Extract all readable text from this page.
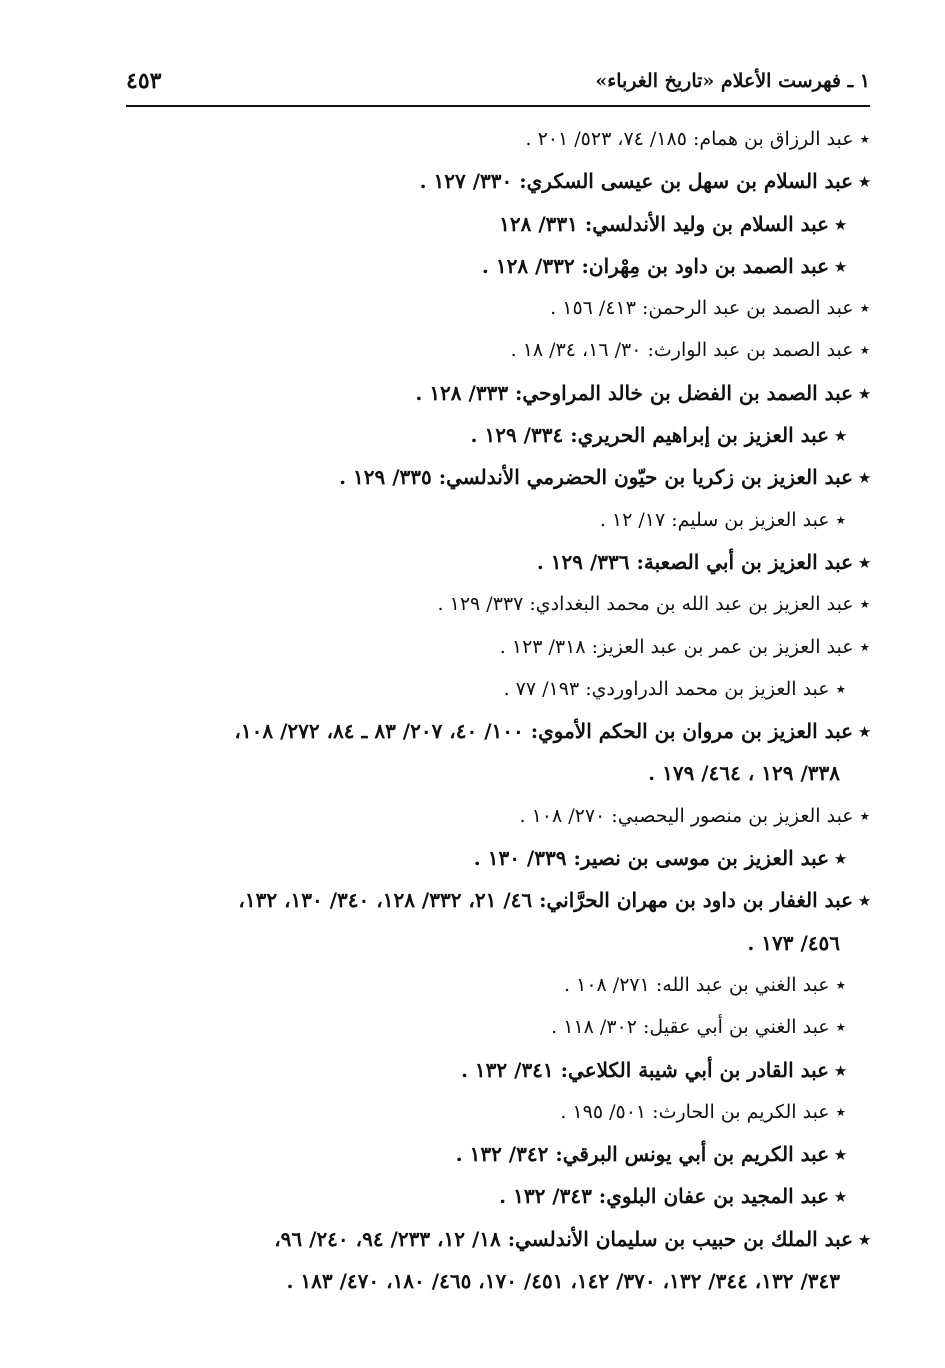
١ ـ فهرست الأعلام «تاريخ الغرباء»
٤٥٣
٭عبد الرزاق بن همام: ١٨٥/ ٧٤، ٥٢٣/ ٢٠١ .
٭عبد السلام بن سهل بن عيسى السكري: ٣٣٠/ ١٢٧ .
٭عبد السلام بن وليد الأندلسي: ٣٣١/ ١٢٨
٭عبد الصمد بن داود بن مِهْران: ٣٣٢/ ١٢٨ .
٭عبد الصمد بن عبد الرحمن: ٤١٣/ ١٥٦ .
٭عبد الصمد بن عبد الوارث: ٣٠/ ١٦، ٣٤/ ١٨ .
٭عبد الصمد بن الفضل بن خالد المراوحي: ٣٣٣/ ١٢٨ .
٭عبد العزيز بن إبراهيم الحريري: ٣٣٤/ ١٢٩ .
٭عبد العزيز بن زكريا بن حيّون الحضرمي الأندلسي: ٣٣٥/ ١٢٩ .
٭عبد العزيز بن سليم: ١٧/ ١٢ .
٭عبد العزيز بن أبي الصعبة: ٣٣٦/ ١٢٩ .
٭عبد العزيز بن عبد الله بن محمد البغدادي: ٣٣٧/ ١٢٩ .
٭عبد العزيز بن عمر بن عبد العزيز: ٣١٨/ ١٢٣ .
٭عبد العزيز بن محمد الدراوردي: ١٩٣/ ٧٧ .
٭عبد العزيز بن مروان بن الحكم الأموي: ١٠٠/ ٤٠، ٢٠٧/ ٨٣ ـ ٨٤، ٢٧٢/ ١٠٨،
٣٣٨/ ١٢٩ ، ٤٦٤/ ١٧٩ .
٭عبد العزيز بن منصور اليحصبي: ٢٧٠/ ١٠٨ .
٭عبد العزيز بن موسى بن نصير: ٣٣٩/ ١٣٠ .
٭عبد الغفار بن داود بن مهران الحرَّاني: ٤٦/ ٢١، ٣٣٢/ ١٢٨، ٣٤٠/ ١٣٠، ١٣٢،
٤٥٦/ ١٧٣ .
٭عبد الغني بن عبد الله: ٢٧١/ ١٠٨ .
٭عبد الغني بن أبي عقيل: ٣٠٢/ ١١٨ .
٭عبد القادر بن أبي شيبة الكلاعي: ٣٤١/ ١٣٢ .
٭عبد الكريم بن الحارث: ٥٠١/ ١٩٥ .
٭عبد الكريم بن أبي يونس البرقي: ٣٤٢/ ١٣٢ .
٭عبد المجيد بن عفان البلوي: ٣٤٣/ ١٣٢ .
٭عبد الملك بن حبيب بن سليمان الأندلسي: ١٨/ ١٢، ٢٣٣/ ٩٤، ٢٤٠/ ٩٦،
٣٤٣/ ١٣٢، ٣٤٤/ ١٣٢، ٣٧٠/ ١٤٢، ٤٥١/ ١٧٠، ٤٦٥/ ١٨٠، ٤٧٠/ ١٨٣ .
